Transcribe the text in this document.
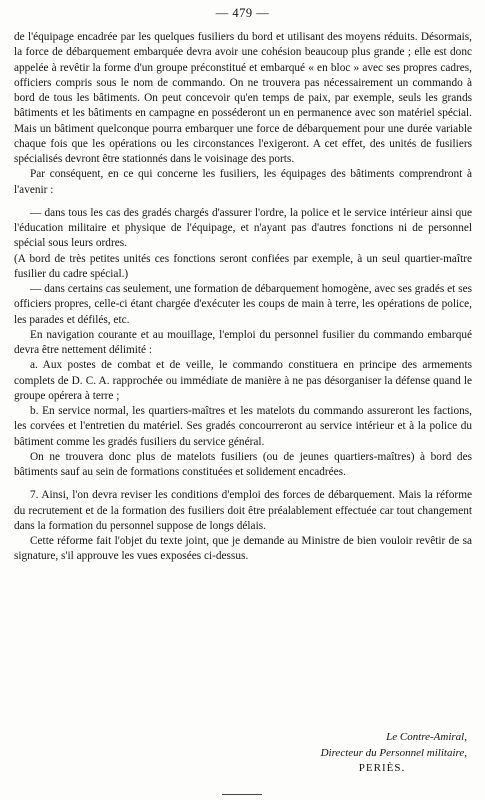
— 479 —

de l'équipage encadrée par les quelques fusiliers du bord et utilisant des moyens réduits. Désormais, la force de débarquement embarquée devra avoir une cohésion beaucoup plus grande ; elle est donc appelée à revêtir la forme d'un groupe préconstitué et embarqué « en bloc » avec ses propres cadres, officiers compris sous le nom de commando. On ne trouvera pas nécessairement un commando à bord de tous les bâtiments. On peut concevoir qu'en temps de paix, par exemple, seuls les grands bâtiments et les bâtiments en campagne en posséderont un en permanence avec son matériel spécial. Mais un bâtiment quelconque pourra embarquer une force de débarquement pour une durée variable chaque fois que les opérations ou les circonstances l'exigeront. A cet effet, des unités de fusiliers spécialisés devront être stationnés dans le voisinage des ports.

Par conséquent, en ce qui concerne les fusiliers, les équipages des bâtiments comprendront à l'avenir :

— dans tous les cas des gradés chargés d'assurer l'ordre, la police et le service intérieur ainsi que l'éducation militaire et physique de l'équipage, et n'ayant pas d'autres fonctions ni de personnel spécial sous leurs ordres.

(A bord de très petites unités ces fonctions seront confiées par exemple, à un seul quartier-maître fusilier du cadre spécial.)

— dans certains cas seulement, une formation de débarquement homogène, avec ses gradés et ses officiers propres, celle-ci étant chargée d'exécuter les coups de main à terre, les opérations de police, les parades et défilés, etc.

En navigation courante et au mouillage, l'emploi du personnel fusilier du commando embarqué devra être nettement délimité :

a. Aux postes de combat et de veille, le commando constituera en principe des armements complets de D. C. A. rapprochée ou immédiate de manière à ne pas désorganiser la défense quand le groupe opérera à terre ;

b. En service normal, les quartiers-maîtres et les matelots du commando assureront les factions, les corvées et l'entretien du matériel. Ses gradés concourreront au service intérieur et à la police du bâtiment comme les gradés fusiliers du service général.

On ne trouvera donc plus de matelots fusiliers (ou de jeunes quartiers-maîtres) à bord des bâtiments sauf au sein de formations constituées et solidement encadrées.

7. Ainsi, l'on devra reviser les conditions d'emploi des forces de débarquement. Mais la réforme du recrutement et de la formation des fusiliers doit être préalablement effectuée car tout changement dans la formation du personnel suppose de longs délais.

Cette réforme fait l'objet du texte joint, que je demande au Ministre de bien vouloir revêtir de sa signature, s'il approuve les vues exposées ci-dessus.

Le Contre-Amiral,
Directeur du Personnel militaire,
PERIÈS.
